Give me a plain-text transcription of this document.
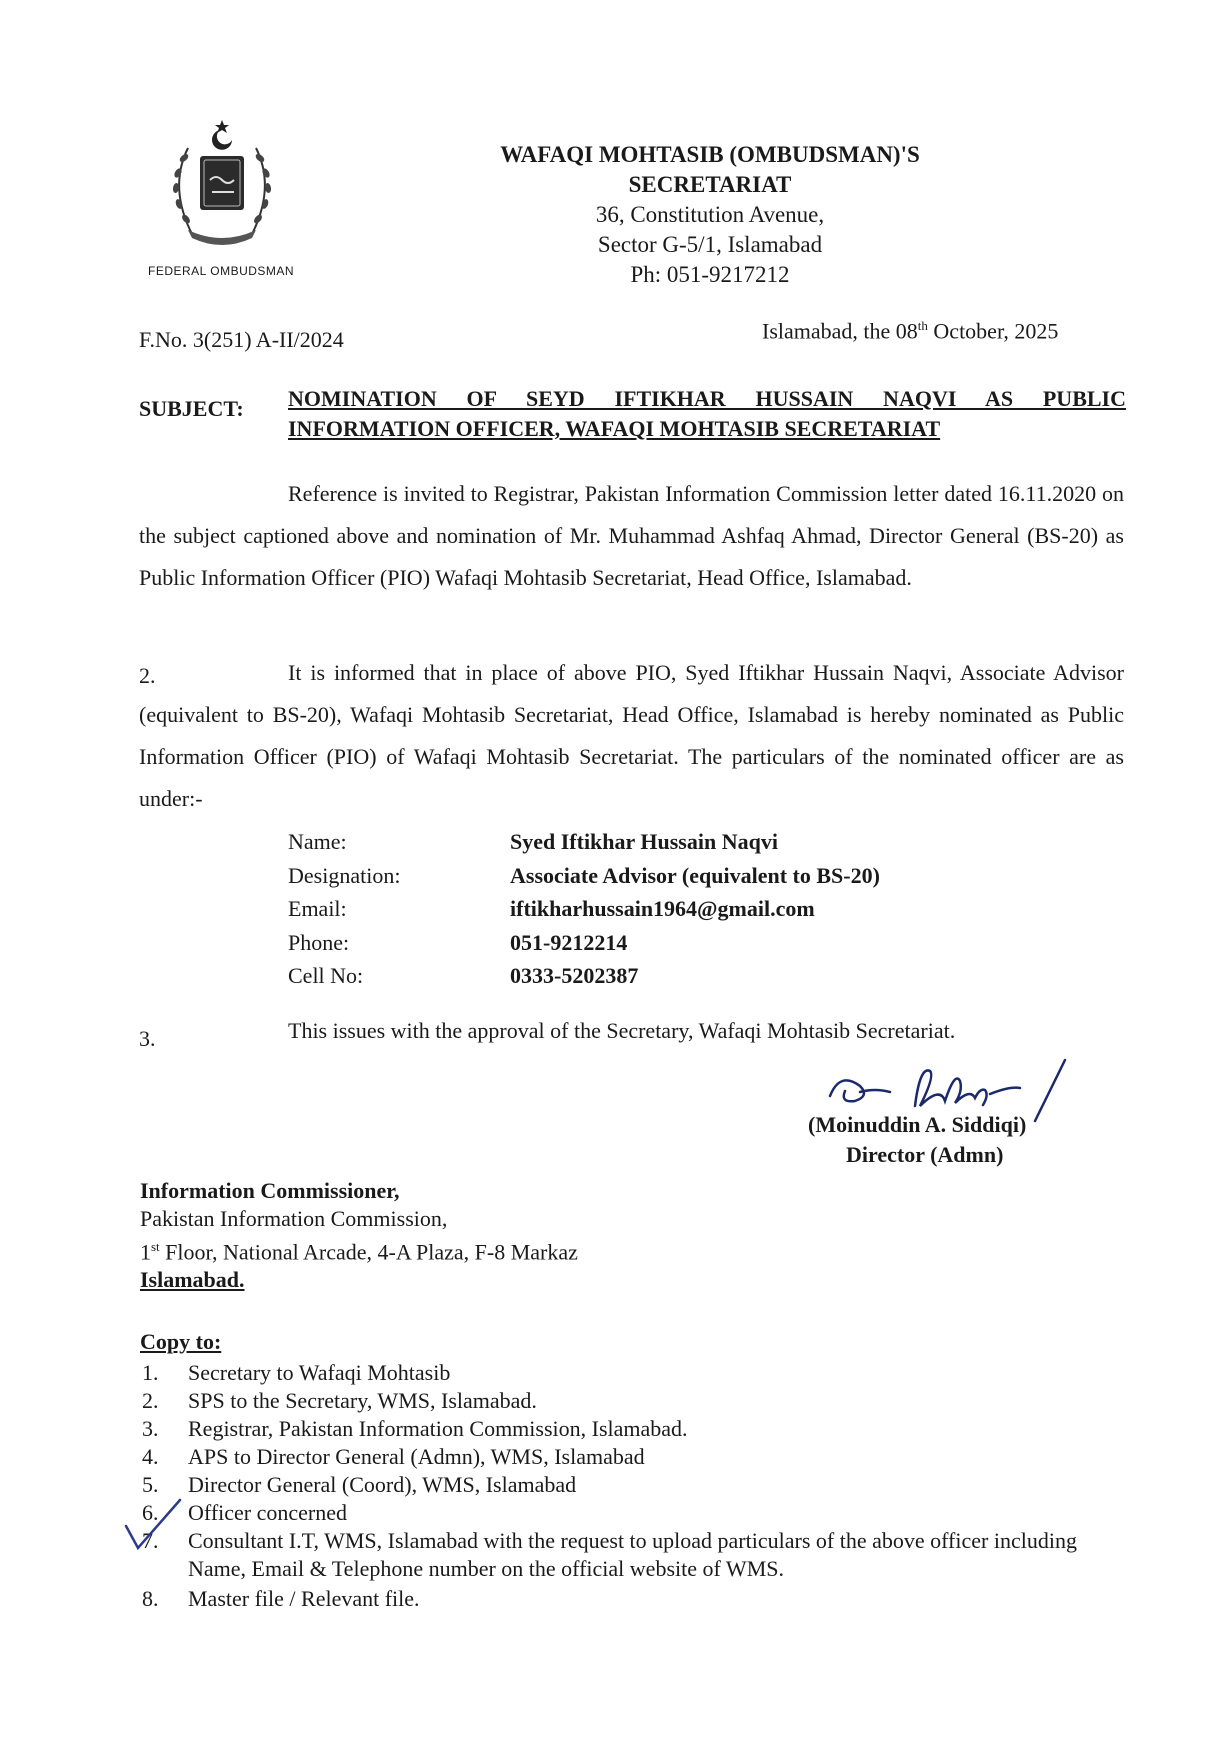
FEDERAL OMBUDSMAN
WAFAQI MOHTASIB (OMBUDSMAN)'S
SECRETARIAT
36, Constitution Avenue,
Sector G-5/1, Islamabad
Ph: 051-9217212
F.No. 3(251) A-II/2024	Islamabad, the 08th October, 2025
SUBJECT: NOMINATION OF SEYD IFTIKHAR HUSSAIN NAQVI AS PUBLIC
INFORMATION OFFICER, WAFAQI MOHTASIB SECRETARIAT
Reference is invited to Registrar, Pakistan Information Commission letter dated 16.11.2020 on the subject captioned above and nomination of Mr. Muhammad Ashfaq Ahmad, Director General (BS-20) as Public Information Officer (PIO) Wafaqi Mohtasib Secretariat, Head Office, Islamabad.
2.	It is informed that in place of above PIO, Syed Iftikhar Hussain Naqvi, Associate Advisor (equivalent to BS-20), Wafaqi Mohtasib Secretariat, Head Office, Islamabad is hereby nominated as Public Information Officer (PIO) of Wafaqi Mohtasib Secretariat. The particulars of the nominated officer are as under:-
Name:	Syed Iftikhar Hussain Naqvi
Designation:	Associate Advisor (equivalent to BS-20)
Email:	iftikharhussain1964@gmail.com
Phone:	051-9212214
Cell No:	0333-5202387
3.	This issues with the approval of the Secretary, Wafaqi Mohtasib Secretariat.
(Moinuddin A. Siddiqi)
Director (Admn)
Information Commissioner,
Pakistan Information Commission,
1st Floor, National Arcade, 4-A Plaza, F-8 Markaz
Islamabad.
Copy to:
1. Secretary to Wafaqi Mohtasib
2. SPS to the Secretary, WMS, Islamabad.
3. Registrar, Pakistan Information Commission, Islamabad.
4. APS to Director General (Admn), WMS, Islamabad
5. Director General (Coord), WMS, Islamabad
6. Officer concerned
7. Consultant I.T, WMS, Islamabad with the request to upload particulars of the above officer including Name, Email & Telephone number on the official website of WMS.
8. Master file / Relevant file.
